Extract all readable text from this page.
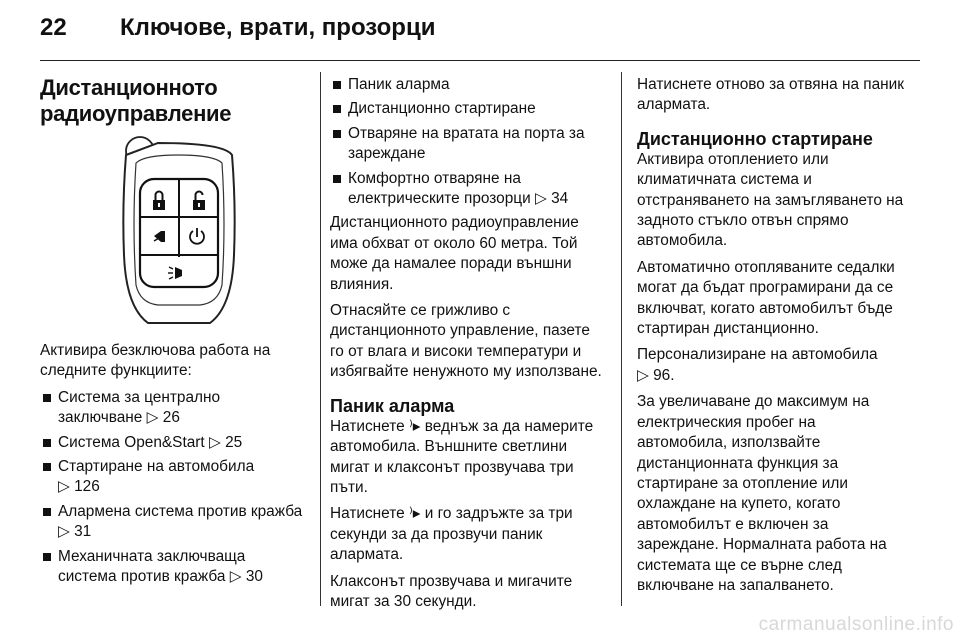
22	Ключове, врати, прозорци
Дистанционното радиоуправление

Активира безключова работа на следните функциите:

Система за централно заключване ▷ 26
Система Open&Start ▷ 25
Стартиране на автомобила
▷ 126
Алармена система против кражба ▷ 31
Механичната заключваща система против кражба ▷ 30
Паник аларма
Дистанционно стартиране
Отваряне на вратата на порта за зареждане
Комфортно отваряне на електрическите прозорци ▷ 34

Дистанционното радиоуправление има обхват от около 60 метра. Той може да намалее поради външни влияния.

Отнасяйте се грижливо с дистанционното управление, пазете го от влага и високи температури и избягвайте ненужното му използване.

Паник аларма

Натиснете ⁾▸ веднъж за да намерите автомобила. Външните светлини мигат и клаксонът прозвучава три пъти.

Натиснете ⁾▸ и го задръжте за три секунди за да прозвучи паник алармата.

Клаксонът прозвучава и мигачите мигат за 30 секунди.

Натиснете отново за отвяна на паник алармата.

Дистанционно стартиране

Активира отоплението или климатичната система и отстраняването на замъгляването на задното стъкло отвън спрямо автомобила.

Автоматично отопляваните седалки могат да бъдат програмирани да се включват, когато автомобилът бъде стартиран дистанционно.

Персонализиране на автомобила
▷ 96.

За увеличаване до максимум на електрическия пробег на автомобила, използвайте дистанционната функция за стартиране за отопление или охлаждане на купето, когато автомобилът е включен за зареждане. Нормалната работа на системата ще се върне след включване на запалването.

carmanualsonline.info
